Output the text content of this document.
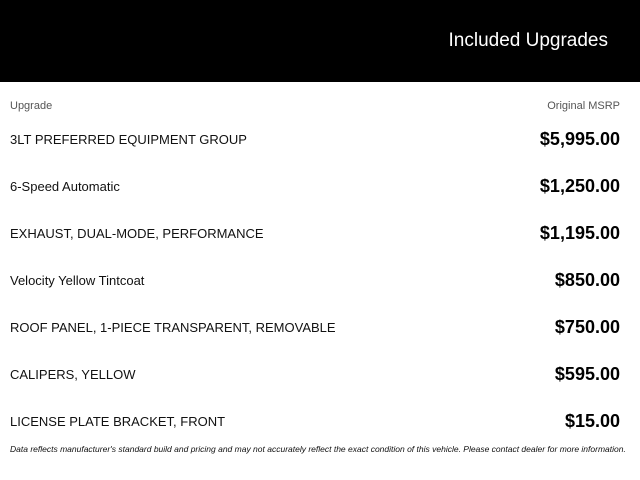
Included Upgrades
Upgrade	Original MSRP
3LT PREFERRED EQUIPMENT GROUP	$5,995.00
6-Speed Automatic	$1,250.00
EXHAUST, DUAL-MODE, PERFORMANCE	$1,195.00
Velocity Yellow Tintcoat	$850.00
ROOF PANEL, 1-PIECE TRANSPARENT, REMOVABLE	$750.00
CALIPERS, YELLOW	$595.00
LICENSE PLATE BRACKET, FRONT	$15.00
Data reflects manufacturer's standard build and pricing and may not accurately reflect the exact condition of this vehicle. Please contact dealer for more information.
